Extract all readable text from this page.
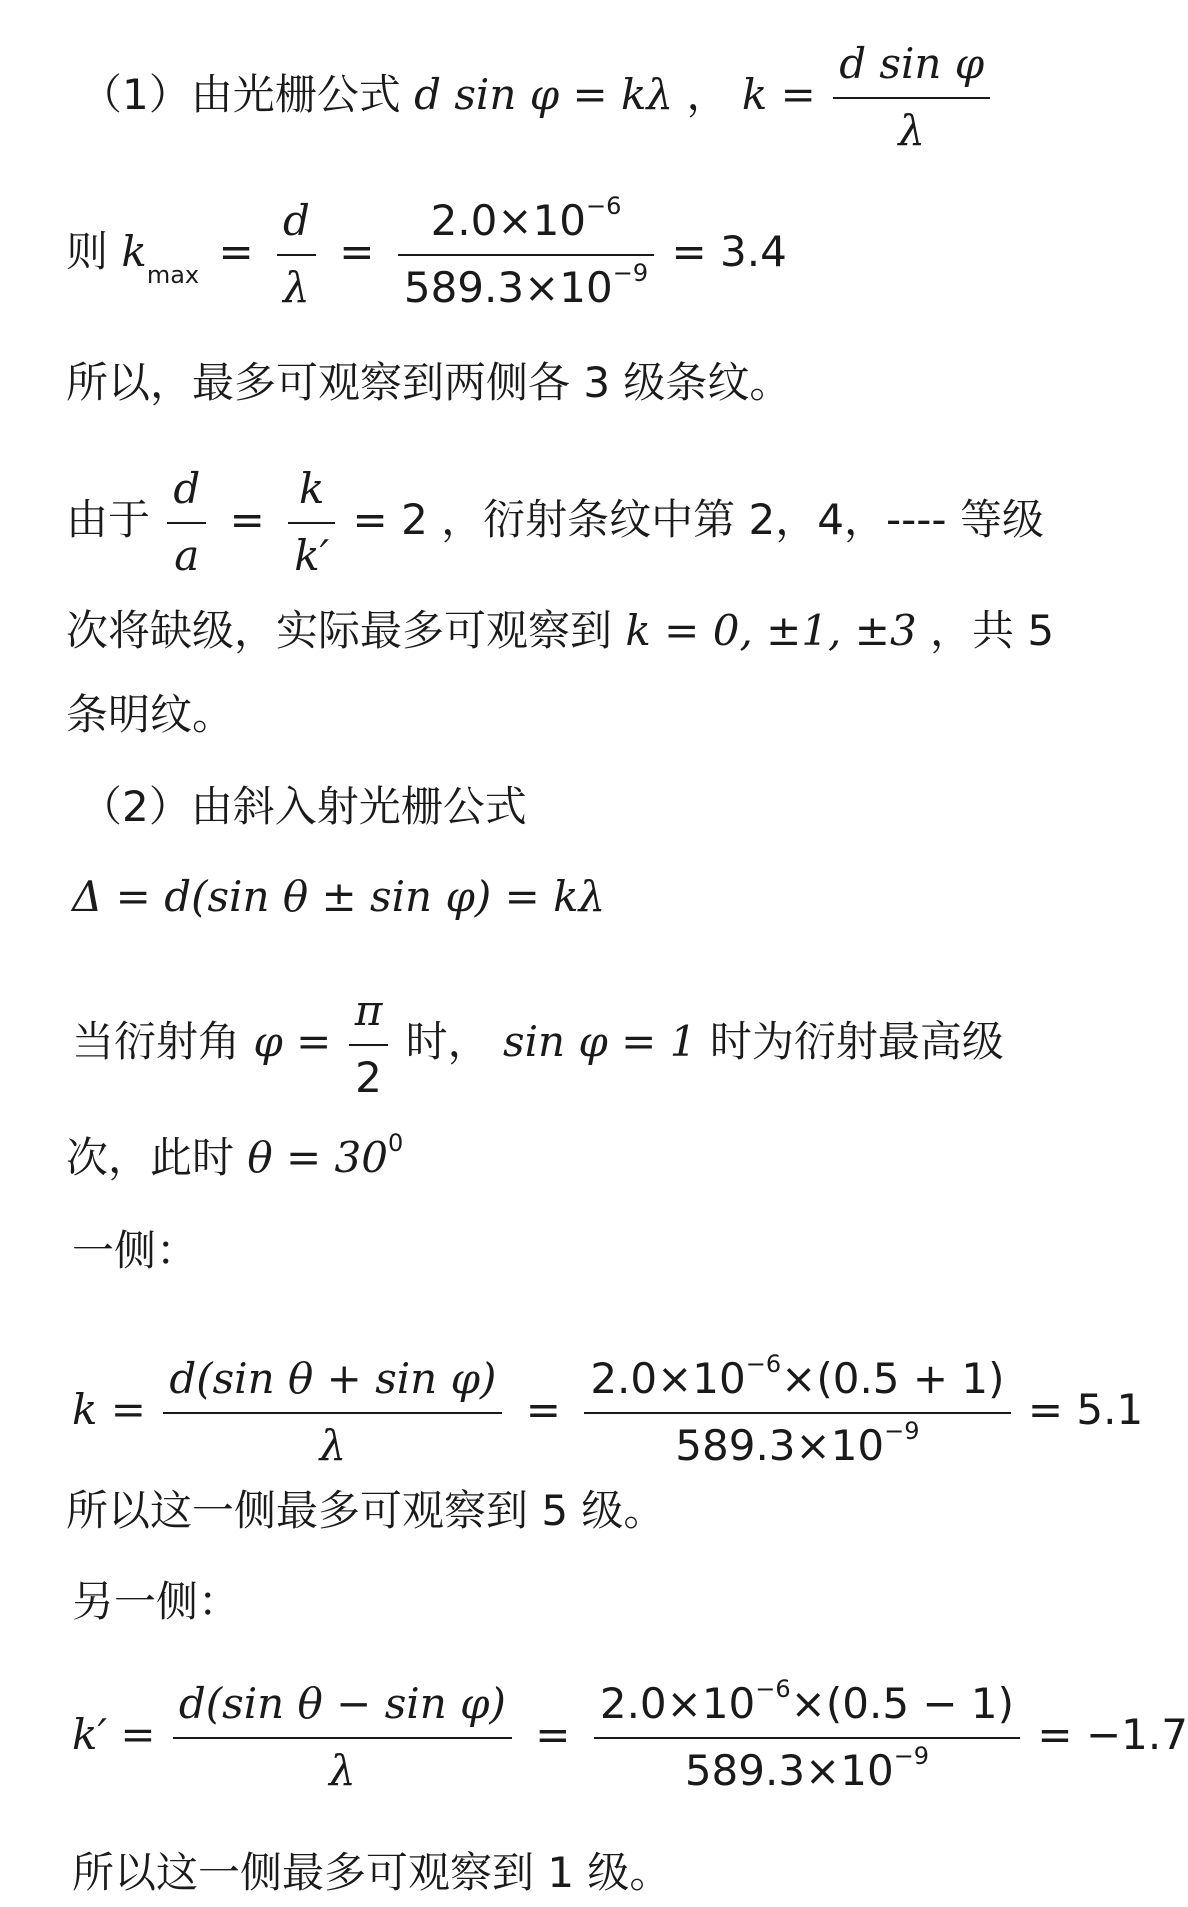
（1）由光栅公式 d sin φ = kλ ， $k = \frac{\text{d sin φ}}{\lambda}$
则 $k_{max} = \frac{d}{\lambda} = \frac{2.0\times 10^{-6}}{589.3\times 10^{-9}} = 3.4$
所以，最多可观察到两侧各 3 级条纹。
由于 $\frac{d}{a} = \frac{k}{k'} = 2$ ，衍射条纹中第 2，4，---- 等级
次将缺级，实际最多可观察到 k = 0, ±1, ±3 ，共 5
条明纹。
（2）由斜入射光栅公式
Δ = d(sin θ ± sin φ) = kλ
当衍射角 $\varphi = \frac{\pi}{2}$ 时， sin φ = 1 时为衍射最高级
次，此时 $\theta = 30^0$
一侧：
$k = \frac{\text{d(sin θ + sin φ)}}{\lambda} = \frac{2.0\times 10^{-6}\times(0.5 + 1)}{589.3\times 10^{-9}} = 5.1$
所以这一侧最多可观察到 5 级。
另一侧：
$k' = \frac{\text{d(sin θ − sin φ)}}{\lambda} = \frac{2.0\times 10^{-6}\times(0.5 - 1)}{589.3\times 10^{-9}} = -1.7$
所以这一侧最多可观察到 1 级。
